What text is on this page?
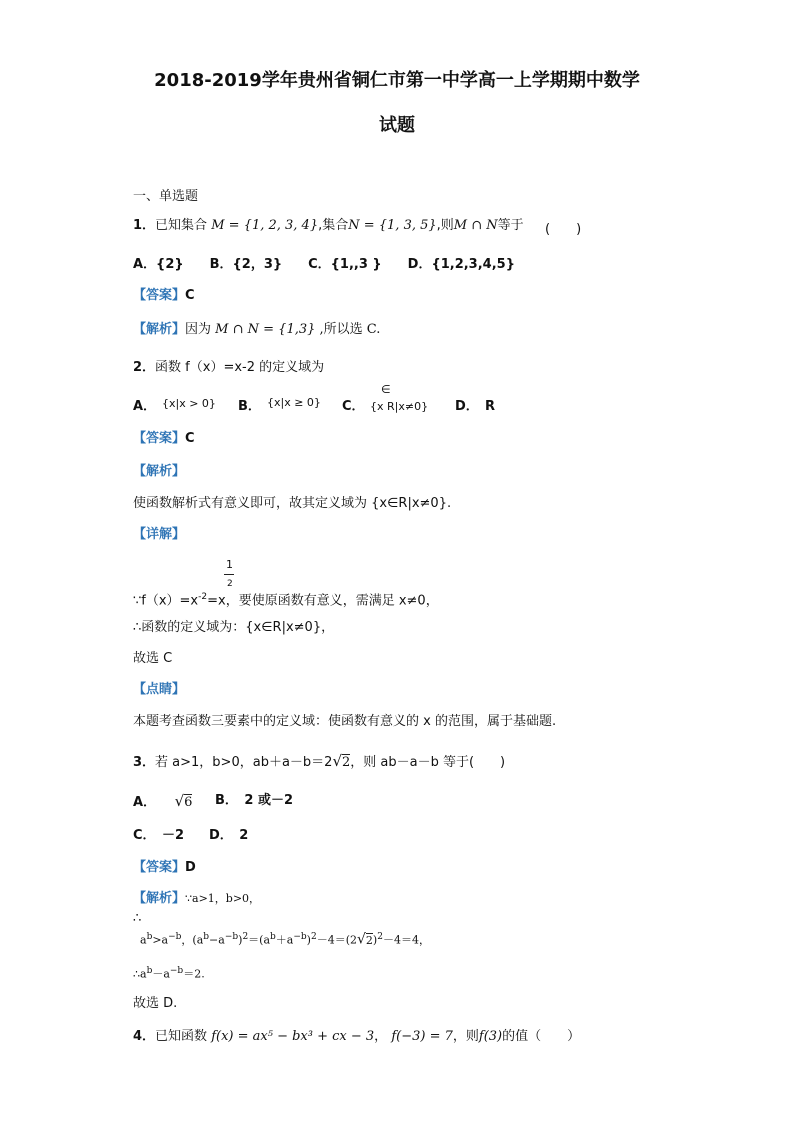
2018-2019学年贵州省铜仁市第一中学高一上学期期中数学
试题
一、单选题
1．已知集合 M = {1, 2, 3, 4},集合N = {1, 3, 5},则M ∩ N等于 (　　)
A．{2}　　B．{2，3}　　C．{1,,3 }　　D．{1,2,3,4,5}
【答案】C
【解析】因为 M ∩ N = {1,3} ,所以选 C.
2．函数 f（x）=x-2 的定义域为
A． {x|x > 0} B． {x|x ≥ 0} C．
∈
{x R|x≠0} D． R
【答案】C
【解析】
使函数解析式有意义即可，故其定义域为 {x∈R|x≠0}.
【详解】
1
2
$\because f(x)=x^{-2}=x$，要使原函数有意义，需满足 x≠0，
∴函数的定义域为：{x∈R|x≠0}，
故选 C
【点睛】
本题考查函数三要素中的定义域：使函数有意义的 x 的范围，属于基础题.
3．若 a>1，b>0，ab＋a－b＝2√2，则 ab－a－b 等于(　　)
A． √6 B．　2 或－2
C．　－2 D．　2
【答案】D
【解析】∵a>1，b>0，
∴
$a^b>a^{-b}$，$(a^b-a^{-b})^2=(a^b+a^{-b})^2-4=(2√2)^2-4=4$，
$\therefore a^b-a^{-b}=2$.
故选 D.
4．已知函数 f(x) = ax⁵ − bx³ + cx − 3， f(−3) = 7，则f(3)的值（　　）
